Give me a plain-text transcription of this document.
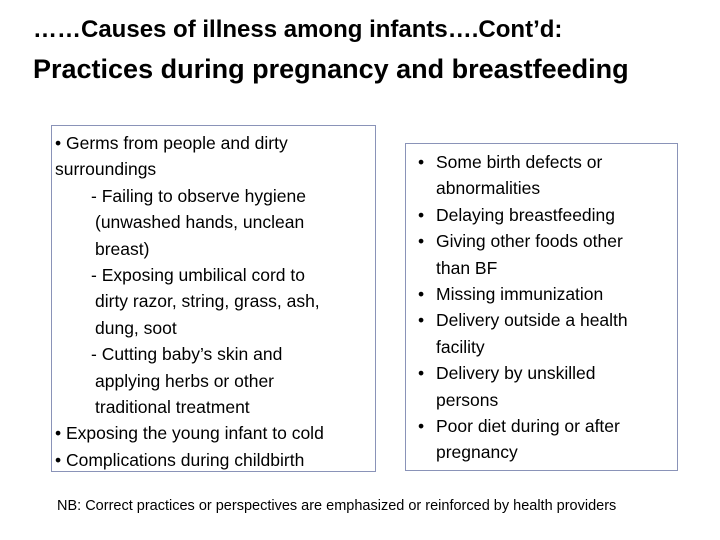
……Causes of illness among infants….Cont’d:
Practices during pregnancy and breastfeeding
• Germs from people and dirty
surroundings
- Failing to observe hygiene
(unwashed hands, unclean
breast)
- Exposing umbilical cord to
dirty razor, string, grass, ash,
dung, soot
- Cutting baby’s skin and
applying herbs or other
traditional treatment
• Exposing the young infant to cold
• Complications during childbirth
• Some birth defects or
abnormalities
• Delaying breastfeeding
• Giving other foods other
than BF
• Missing immunization
• Delivery outside a health
facility
• Delivery by unskilled
persons
• Poor diet during or after
pregnancy
NB: Correct practices or perspectives are emphasized or reinforced by health providers
